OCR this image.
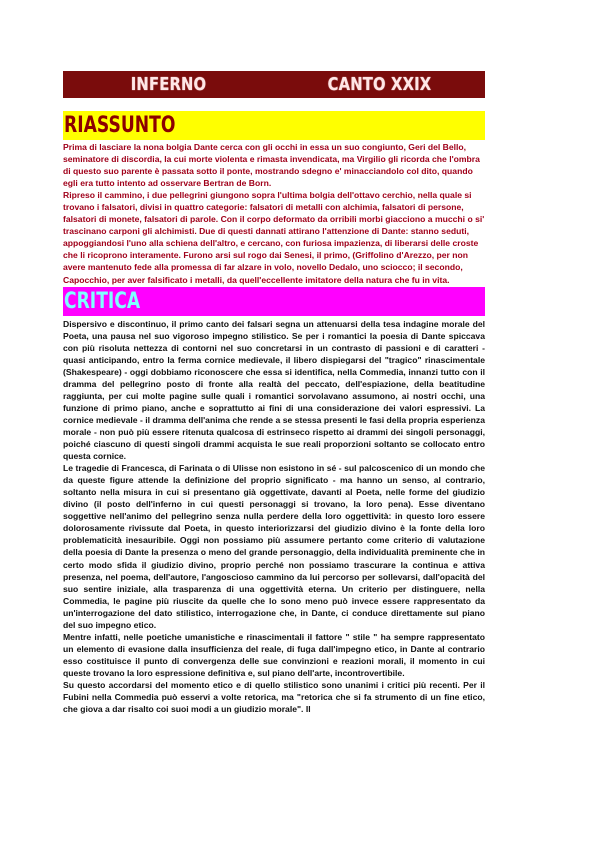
INFERNO	CANTO XXIX
RIASSUNTO

Prima di lasciare la nona bolgia Dante cerca con gli occhi in essa un suo congiunto, Geri del Bello, seminatore di discordia, la cui morte violenta e rimasta invendicata, ma Virgilio gli ricorda che l'ombra di questo suo parente è passata sotto il ponte, mostrando sdegno e' minacciandolo col dito, quando egli era tutto intento ad osservare Bertran de Born.

Ripreso il cammino, i due pellegrini giungono sopra l'ultima bolgia dell'ottavo cerchio, nella quale si trovano i falsatori, divisi in quattro categorie: falsatori di metalli con alchimia, falsatori di persone, falsatori di monete, falsatori di parole. Con il corpo deformato da orribili morbi giacciono a mucchi o si' trascinano carponi gli alchimisti. Due di questi dannati attirano l'attenzione di Dante: stanno seduti, appoggiandosi l'uno alla schiena dell'altro, e cercano, con furiosa impazienza, di liberarsi delle croste che li ricoprono interamente. Furono arsi sul rogo dai Senesi, il primo, (Griffolino d'Arezzo, per non avere mantenuto fede alla promessa di far alzare in volo, novello Dedalo, uno sciocco; il secondo, Capocchio, per aver falsificato i metalli, da quell'eccellente imitatore della natura che fu in vita.

CRITICA

Dispersivo e discontinuo, il primo canto dei falsari segna un attenuarsi della tesa indagine morale del Poeta, una pausa nel suo vigoroso impegno stilistico. Se per i romantici la poesia di Dante spiccava con più risoluta nettezza di contorni nel suo concretarsi in un contrasto di passioni e di caratteri - quasi anticipando, entro la ferma cornice medievale, il libero dispiegarsi del "tragico" rinascimentale (Shakespeare) - oggi dobbiamo riconoscere che essa si identifica, nella Commedia, innanzi tutto con il dramma del pellegrino posto di fronte alla realtà del peccato, dell'espiazione, della beatitudine raggiunta, per cui molte pagine sulle quali i romantici sorvolavano assumono, ai nostri occhi, una funzione di primo piano, anche e soprattutto ai fini di una considerazione dei valori espressivi. La cornice medievale - il dramma dell'anima che rende a se stessa presenti le fasi della propria esperienza morale - non può più essere ritenuta qualcosa di estrinseco rispetto ai drammi dei singoli personaggi, poiché ciascuno di questi singoli drammi acquista le sue reali proporzioni soltanto se collocato entro questa cornice.

Le tragedie di Francesca, di Farinata o di Ulisse non esistono in sé - sul palcoscenico di un mondo che da queste figure attende la definizione del proprio significato - ma hanno un senso, al contrario, soltanto nella misura in cui si presentano già oggettivate, davanti al Poeta, nelle forme del giudizio divino (il posto dell'inferno in cui questi personaggi si trovano, la loro pena). Esse diventano soggettive nell'animo del pellegrino senza nulla perdere della loro oggettività: in questo loro essere dolorosamente rivissute dal Poeta, in questo interiorizzarsi del giudizio divino è la fonte della loro problematicità inesauribile. Oggi non possiamo più assumere pertanto come criterio di valutazione della poesia di Dante la presenza o meno del grande personaggio, della individualità preminente che in certo modo sfida il giudizio divino, proprio perché non possiamo trascurare la continua e attiva presenza, nel poema, dell'autore, l'angoscioso cammino da lui percorso per sollevarsi, dall'opacità del suo sentire iniziale, alla trasparenza di una oggettività eterna. Un criterio per distinguere, nella Commedia, le pagine più riuscite da quelle che lo sono meno può invece essere rappresentato da un'interrogazione del dato stilistico, interrogazione che, in Dante, ci conduce direttamente sul piano del suo impegno etico.

Mentre infatti, nelle poetiche umanistiche e rinascimentali il fattore " stile " ha sempre rappresentato un elemento di evasione dalla insufficienza del reale, di fuga dall'impegno etico, in Dante al contrario esso costituisce il punto di convergenza delle sue convinzioni e reazioni morali, il momento in cui queste trovano la loro espressione definitiva e, sul piano dell'arte, incontrovertibile.

Su questo accordarsi del momento etico e di quello stilistico sono unanimi i critici più recenti. Per il Fubini nella Commedia può esservi a volte retorica, ma "retorica che si fa strumento di un fine etico, che giova a dar risalto coi suoi modi a un giudizio morale". Il
